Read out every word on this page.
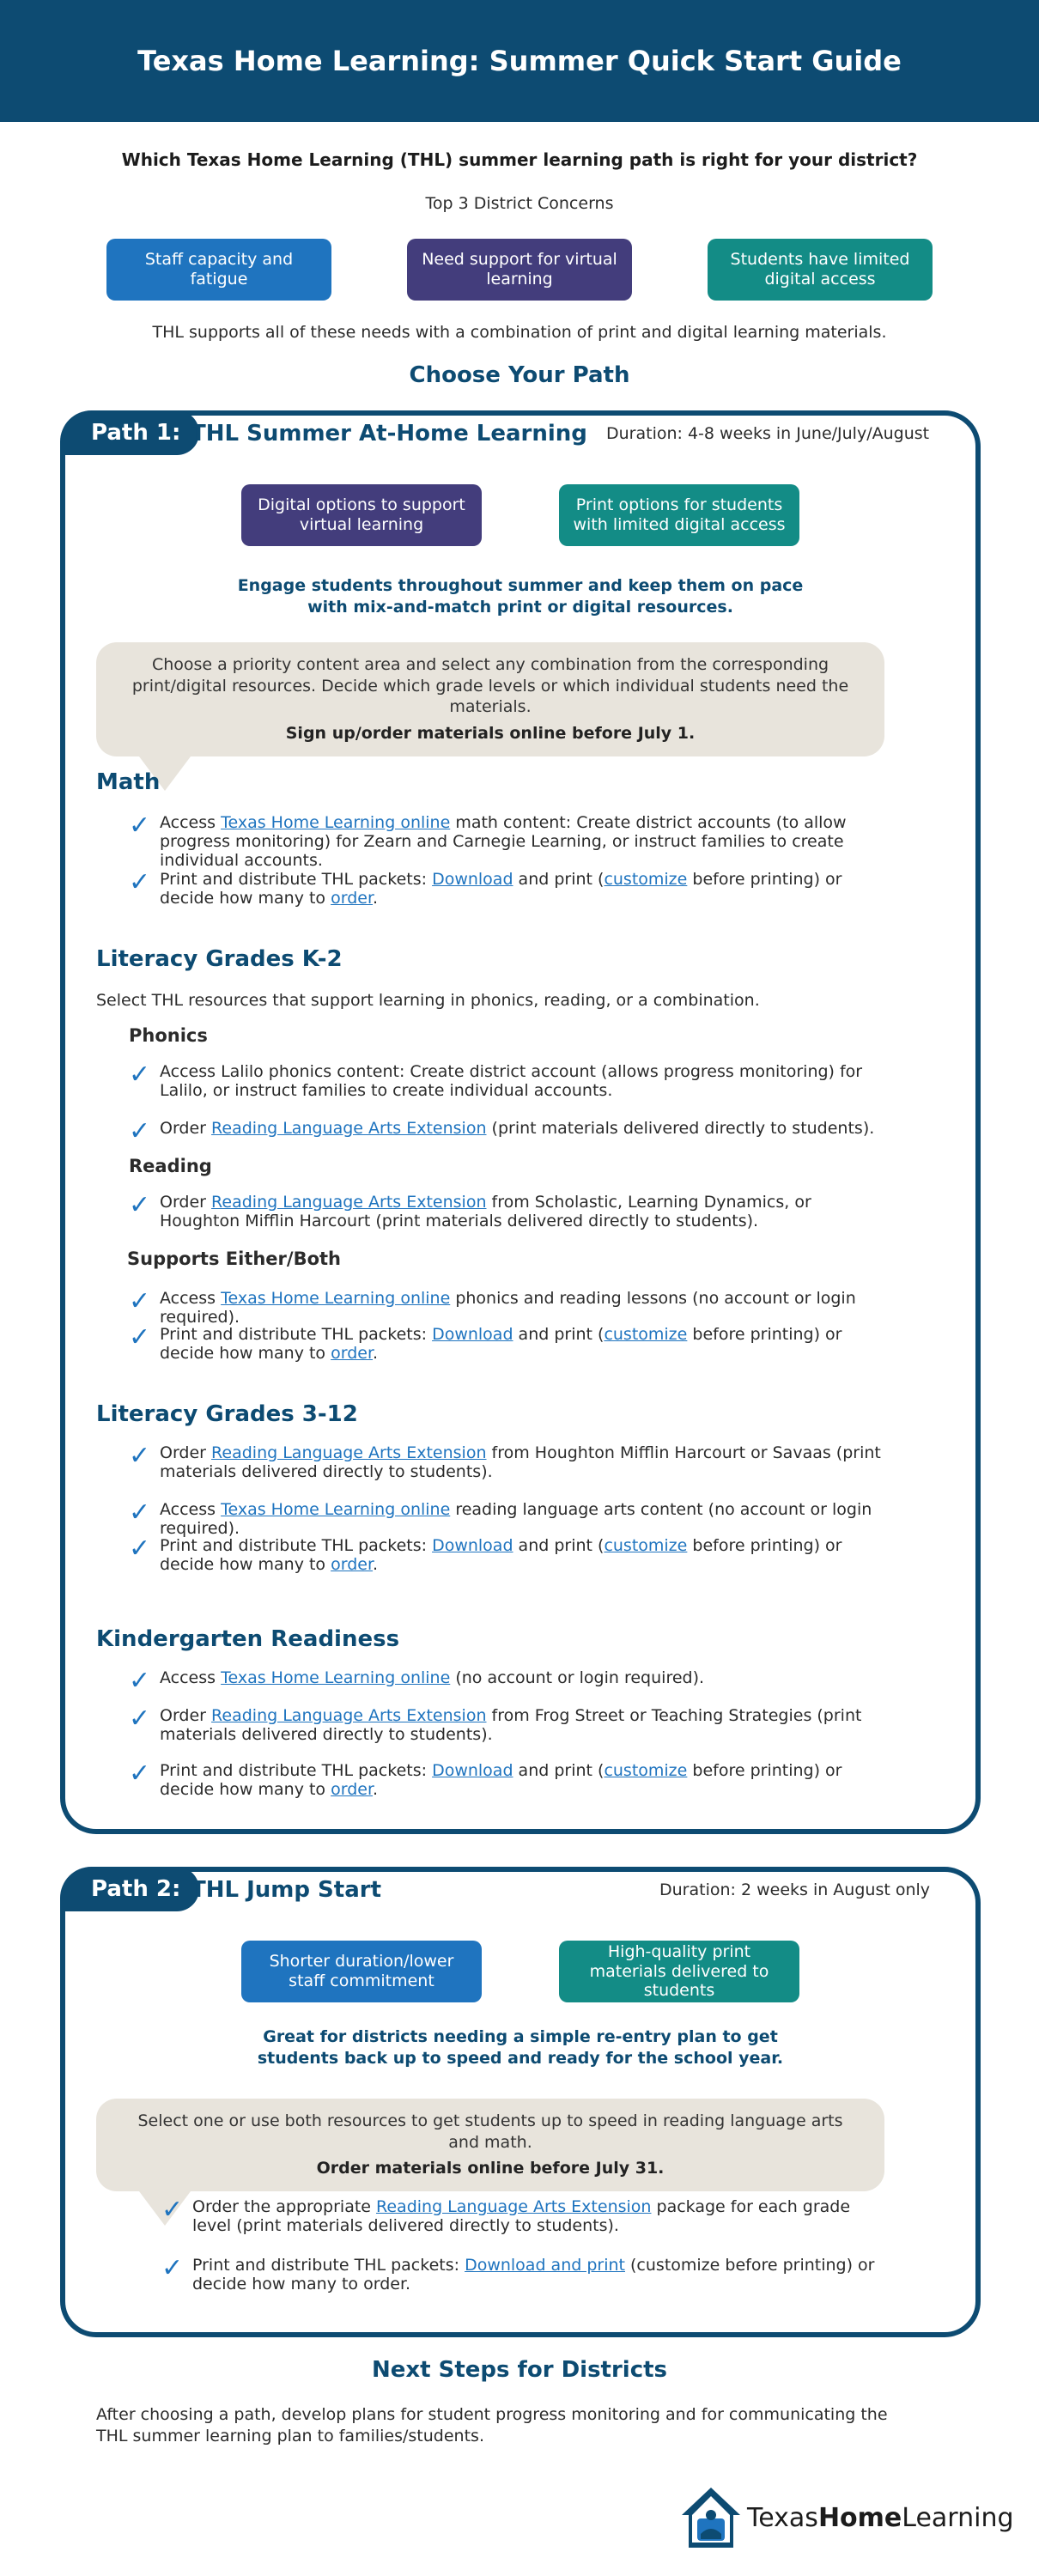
Texas Home Learning: Summer Quick Start Guide
Which Texas Home Learning (THL) summer learning path is right for your district?
Top 3 District Concerns
Staff capacity and fatigue
Need support for virtual learning
Students have limited digital access
THL supports all of these needs with a combination of print and digital learning materials.
Choose Your Path
Path 1: THL Summer At-Home Learning Duration: 4-8 weeks in June/July/August
Digital options to support virtual learning
Print options for students with limited digital access
Engage students throughout summer and keep them on pace with mix-and-match print or digital resources.
Choose a priority content area and select any combination from the corresponding print/digital resources. Decide which grade levels or which individual students need the materials.
Sign up/order materials online before July 1.
Math
✓ Access Texas Home Learning online math content: Create district accounts (to allow progress monitoring) for Zearn and Carnegie Learning, or instruct families to create individual accounts.
✓ Print and distribute THL packets: Download and print (customize before printing) or decide how many to order.
Literacy Grades K-2
Select THL resources that support learning in phonics, reading, or a combination.
Phonics
✓ Access Lalilo phonics content: Create district account (allows progress monitoring) for Lalilo, or instruct families to create individual accounts.
✓ Order Reading Language Arts Extension (print materials delivered directly to students).
Reading
✓ Order Reading Language Arts Extension from Scholastic, Learning Dynamics, or Houghton Mifflin Harcourt (print materials delivered directly to students).
Supports Either/Both
✓ Access Texas Home Learning online phonics and reading lessons (no account or login required).
✓ Print and distribute THL packets: Download and print (customize before printing) or decide how many to order.
Literacy Grades 3-12
✓ Order Reading Language Arts Extension from Houghton Mifflin Harcourt or Savaas (print materials delivered directly to students).
✓ Access Texas Home Learning online reading language arts content (no account or login required).
✓ Print and distribute THL packets: Download and print (customize before printing) or decide how many to order.
Kindergarten Readiness
✓ Access Texas Home Learning online (no account or login required).
✓ Order Reading Language Arts Extension from Frog Street or Teaching Strategies (print materials delivered directly to students).
✓ Print and distribute THL packets: Download and print (customize before printing) or decide how many to order.
Path 2: THL Jump Start	Duration: 2 weeks in August only
Shorter duration/lower staff commitment
High-quality print materials delivered to students
Great for districts needing a simple re-entry plan to get students back up to speed and ready for the school year.
Select one or use both resources to get students up to speed in reading language arts and math.
Order materials online before July 31.
✓ Order the appropriate Reading Language Arts Extension package for each grade level (print materials delivered directly to students).
✓ Print and distribute THL packets: Download and print (customize before printing) or decide how many to order.
Next Steps for Districts
After choosing a path, develop plans for student progress monitoring and for communicating the THL summer learning plan to families/students.
TexasHomeLearning
